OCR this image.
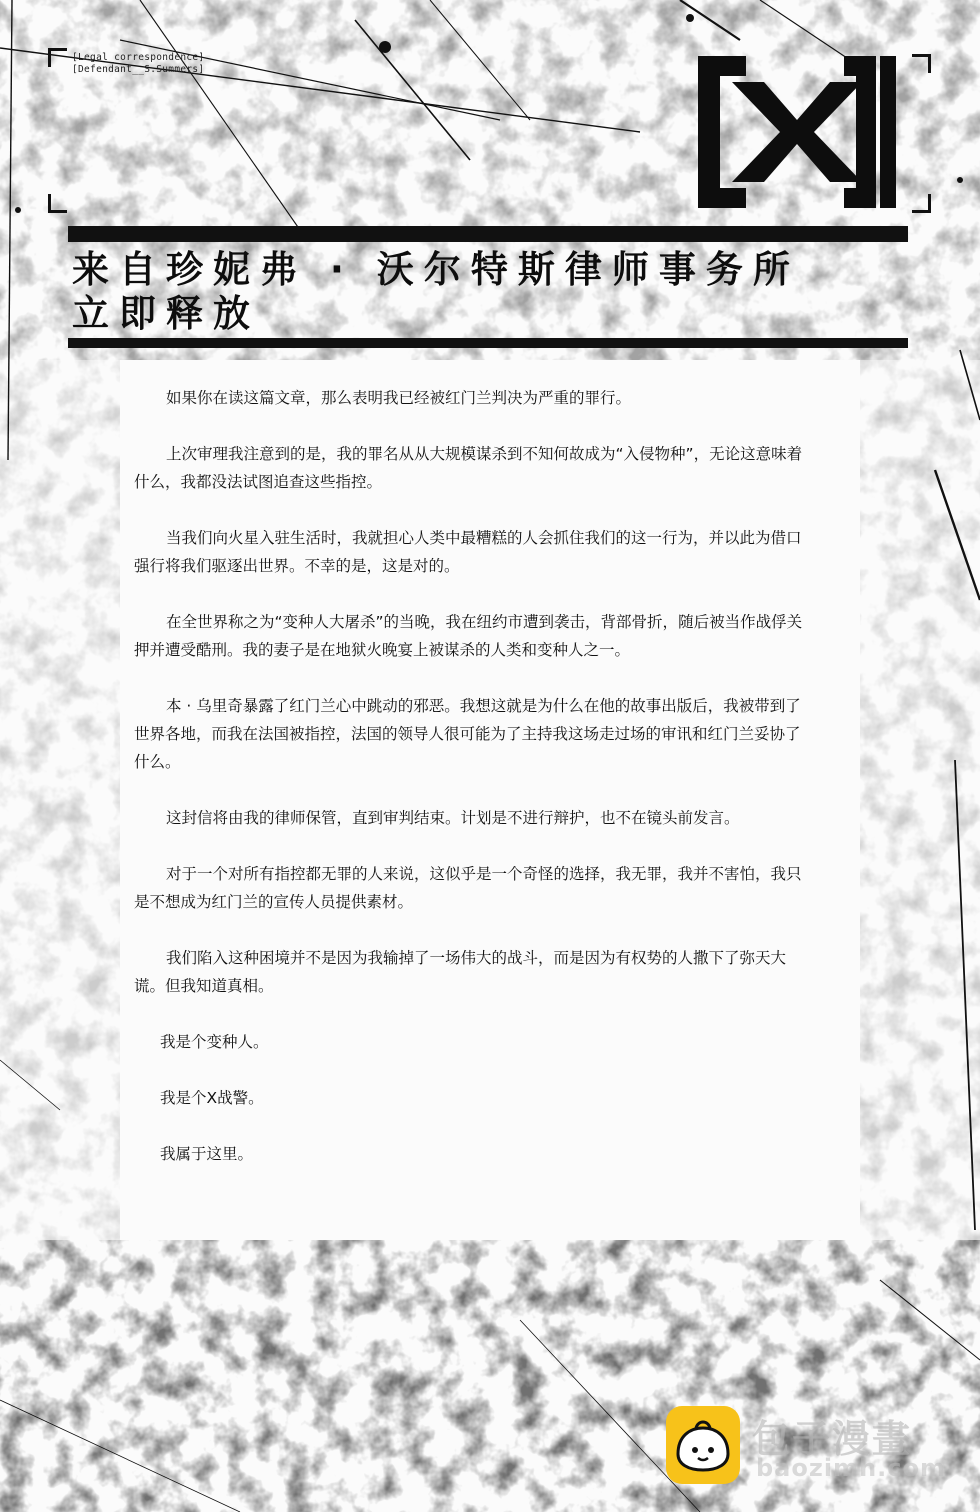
[Legal_correspondence]
[Defendant__S.Summers]
来自珍妮弗 · 沃尔特斯律师事务所
立即释放

如果你在读这篇文章，那么表明我已经被红门兰判决为严重的罪行。

上次审理我注意到的是，我的罪名从从大规模谋杀到不知何故成为“入侵物种”，无论这意味着什么，我都没法试图追查这些指控。

当我们向火星入驻生活时，我就担心人类中最糟糕的人会抓住我们的这一行为，并以此为借口强行将我们驱逐出世界。不幸的是，这是对的。

在全世界称之为“变种人大屠杀”的当晚，我在纽约市遭到袭击，背部骨折，随后被当作战俘关押并遭受酷刑。我的妻子是在地狱火晚宴上被谋杀的人类和变种人之一。

本 · 乌里奇暴露了红门兰心中跳动的邪恶。我想这就是为什么在他的故事出版后，我被带到了世界各地，而我在法国被指控，法国的领导人很可能为了主持我这场走过场的审讯和红门兰妥协了什么。

这封信将由我的律师保管，直到审判结束。计划是不进行辩护，也不在镜头前发言。

对于一个对所有指控都无罪的人来说，这似乎是一个奇怪的选择，我无罪，我并不害怕，我只是不想成为红门兰的宣传人员提供素材。

我们陷入这种困境并不是因为我输掉了一场伟大的战斗，而是因为有权势的人撒下了弥天大谎。但我知道真相。

我是个变种人。

我是个X战警。

我属于这里。

包子漫畫
baozimh.com
